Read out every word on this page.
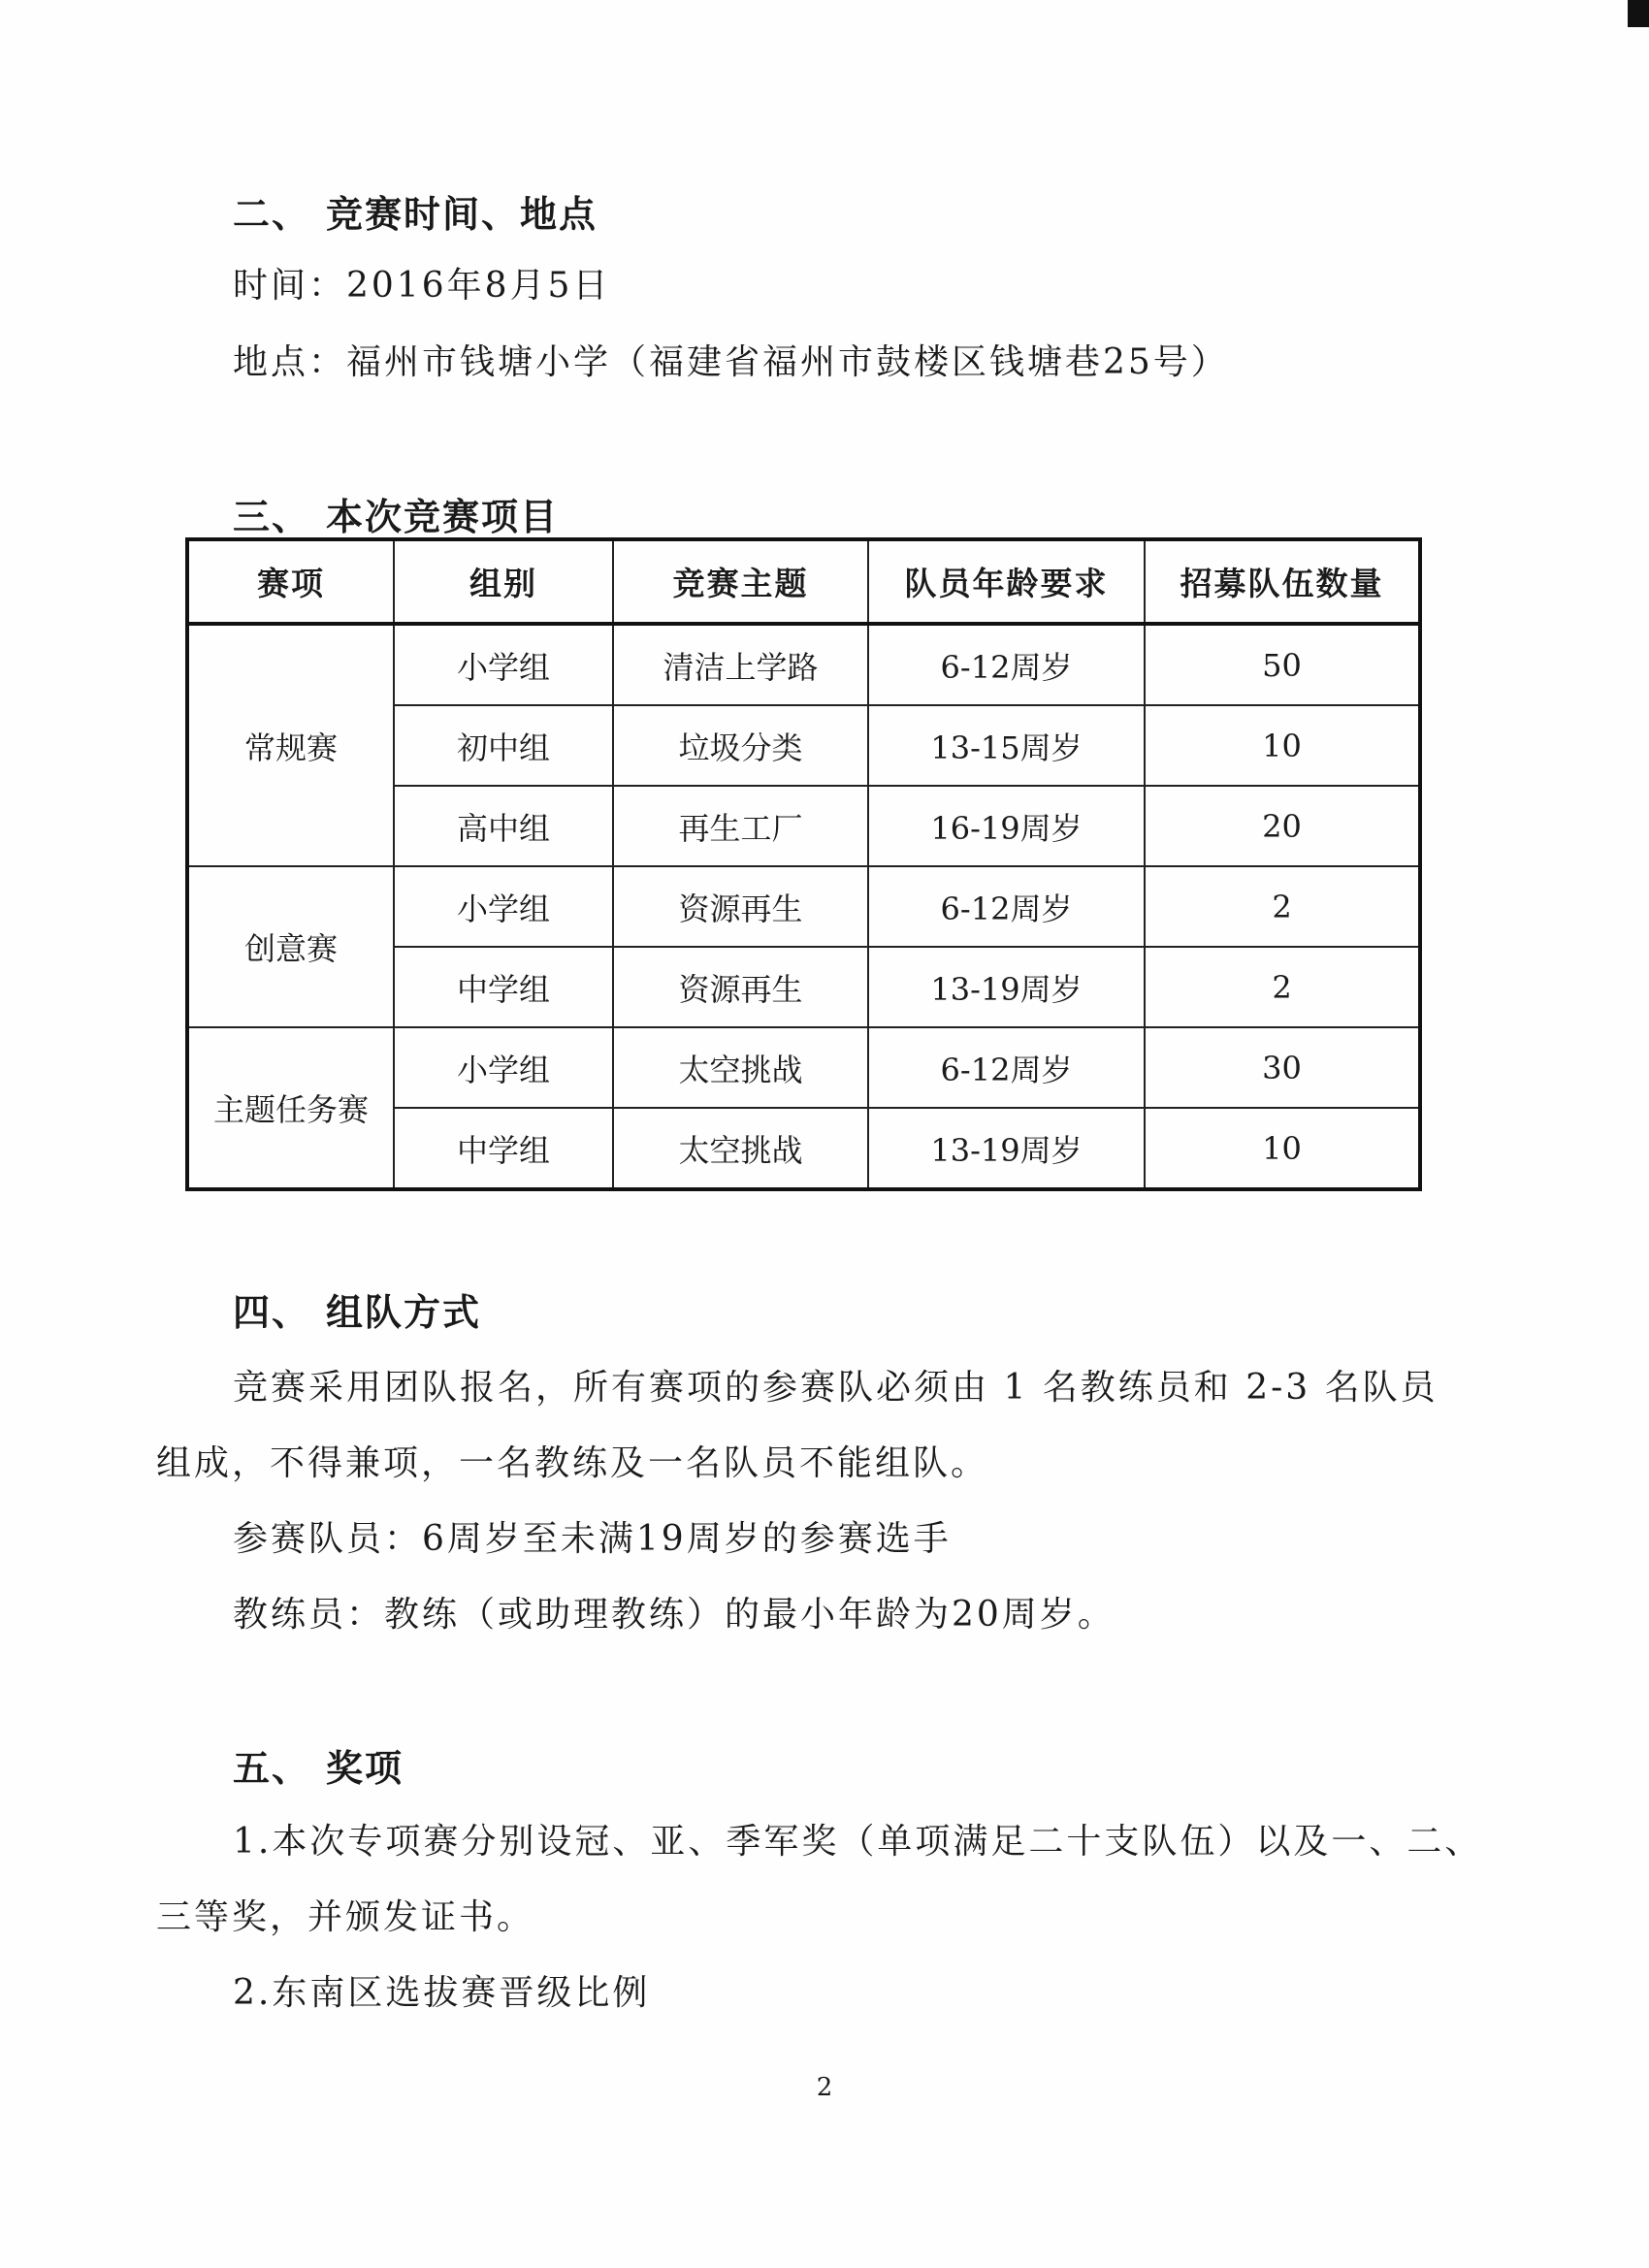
二、 竞赛时间、地点
时间：2016年8月5日
地点：福州市钱塘小学（福建省福州市鼓楼区钱塘巷25号）
三、 本次竞赛项目
赛项	组别	竞赛主题	队员年龄要求	招募队伍数量
常规赛	小学组	清洁上学路	6-12周岁	50
	初中组	垃圾分类	13-15周岁	10
	高中组	再生工厂	16-19周岁	20
创意赛	小学组	资源再生	6-12周岁	2
	中学组	资源再生	13-19周岁	2
主题任务赛	小学组	太空挑战	6-12周岁	30
	中学组	太空挑战	13-19周岁	10
四、 组队方式
竞赛采用团队报名，所有赛项的参赛队必须由 1 名教练员和 2-3 名队员
组成，不得兼项，一名教练及一名队员不能组队。
参赛队员：6周岁至未满19周岁的参赛选手
教练员：教练（或助理教练）的最小年龄为20周岁。
五、 奖项
1.本次专项赛分别设冠、亚、季军奖（单项满足二十支队伍）以及一、二、
三等奖，并颁发证书。
2.东南区选拔赛晋级比例
2
